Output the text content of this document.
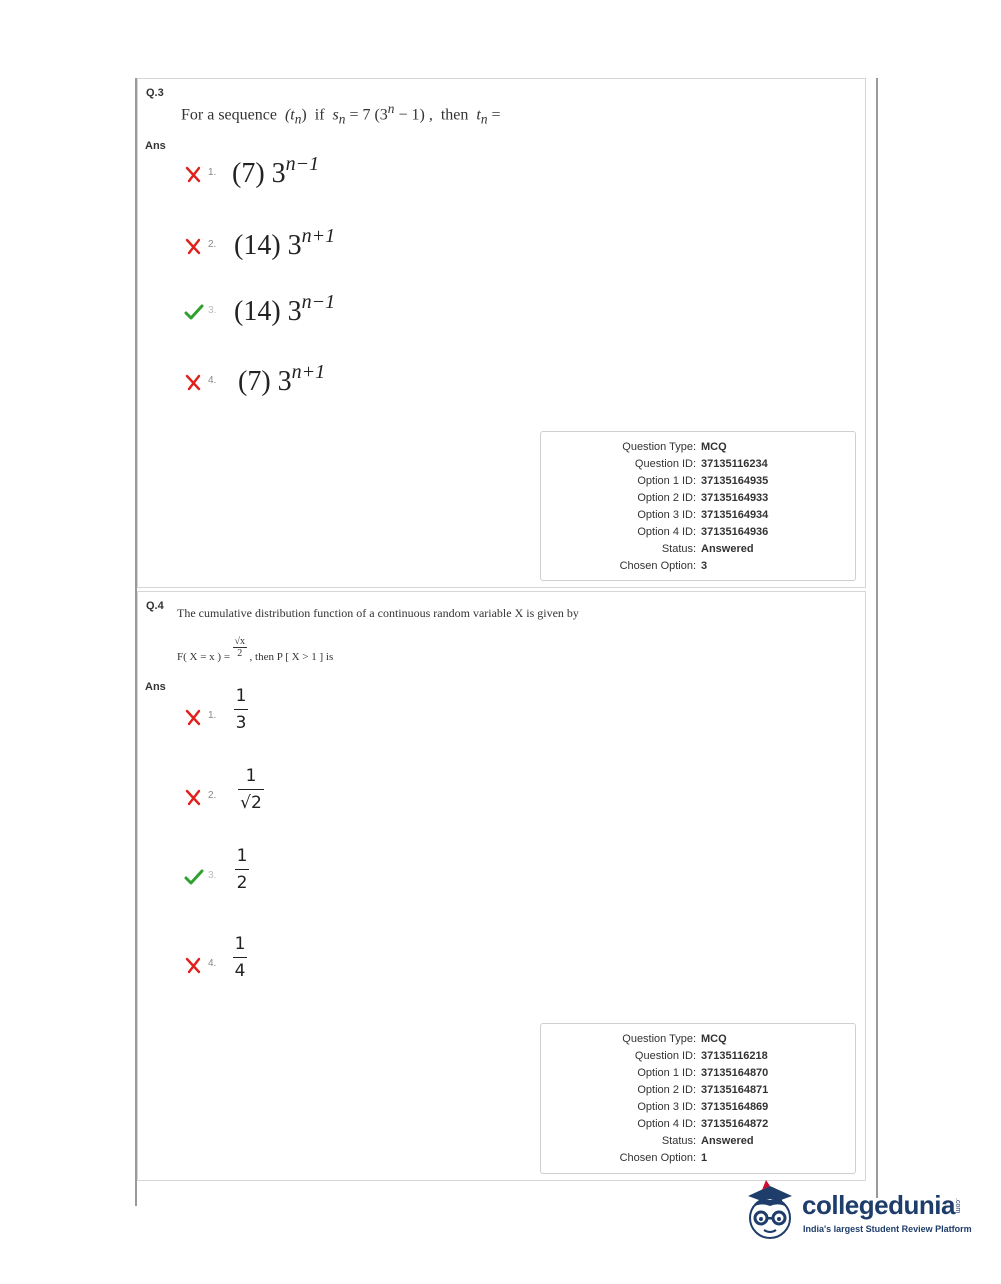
Q.3
For a sequence $(t_n)$ if $s_n = 7$ $(3^n - 1)$ , then $t_n$ =
Ans
1. (7) $3^{n-1}$
2. (14) $3^{n+1}$
3. (14) $3^{n-1}$
4. (7) $3^{n+1}$
Question Type : MCQ
Question ID : 37135116234
Option 1 ID : 37135164935
Option 2 ID : 37135164933
Option 3 ID : 37135164934
Option 4 ID : 37135164936
Status : Answered
Chosen Option : 3
Q.4 The cumulative distribution function of a continuous random variable X is given by
F( X = x ) = $\frac{√x}{2}$ , then P [ X > 1 ] is
Ans
1.
1
3
2.
1
√2
3.
1
2
4.
1
4
Question Type : MCQ
Question ID : 37135116218
Option 1 ID : 37135164870
Option 2 ID : 37135164871
Option 3 ID : 37135164869
Option 4 ID : 37135164872
Status : Answered
Chosen Option : 1
collegedunia .com
India's largest Student Review Platform
